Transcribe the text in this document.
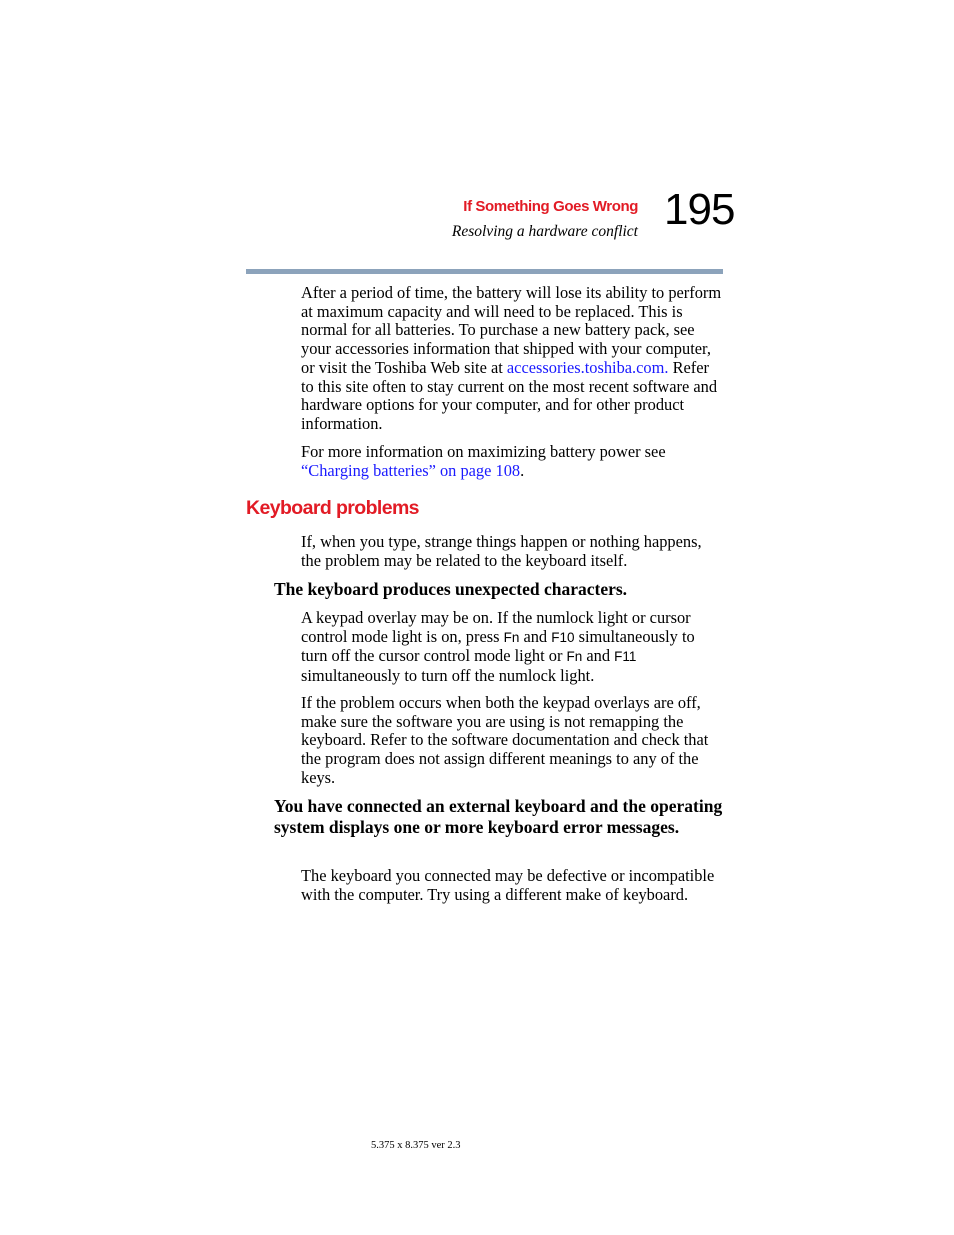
If Something Goes Wrong
Resolving a hardware conflict 195

After a period of time, the battery will lose its ability to perform at maximum capacity and will need to be replaced. This is normal for all batteries. To purchase a new battery pack, see your accessories information that shipped with your computer, or visit the Toshiba Web site at accessories.toshiba.com. Refer to this site often to stay current on the most recent software and hardware options for your computer, and for other product information.

For more information on maximizing battery power see “Charging batteries” on page 108.

Keyboard problems

If, when you type, strange things happen or nothing happens, the problem may be related to the keyboard itself.

The keyboard produces unexpected characters.

A keypad overlay may be on. If the numlock light or cursor control mode light is on, press Fn and F10 simultaneously to turn off the cursor control mode light or Fn and F11 simultaneously to turn off the numlock light.

If the problem occurs when both the keypad overlays are off, make sure the software you are using is not remapping the keyboard. Refer to the software documentation and check that the program does not assign different meanings to any of the keys.

You have connected an external keyboard and the operating system displays one or more keyboard error messages.

The keyboard you connected may be defective or incompatible with the computer. Try using a different make of keyboard.

5.375 x 8.375 ver 2.3
